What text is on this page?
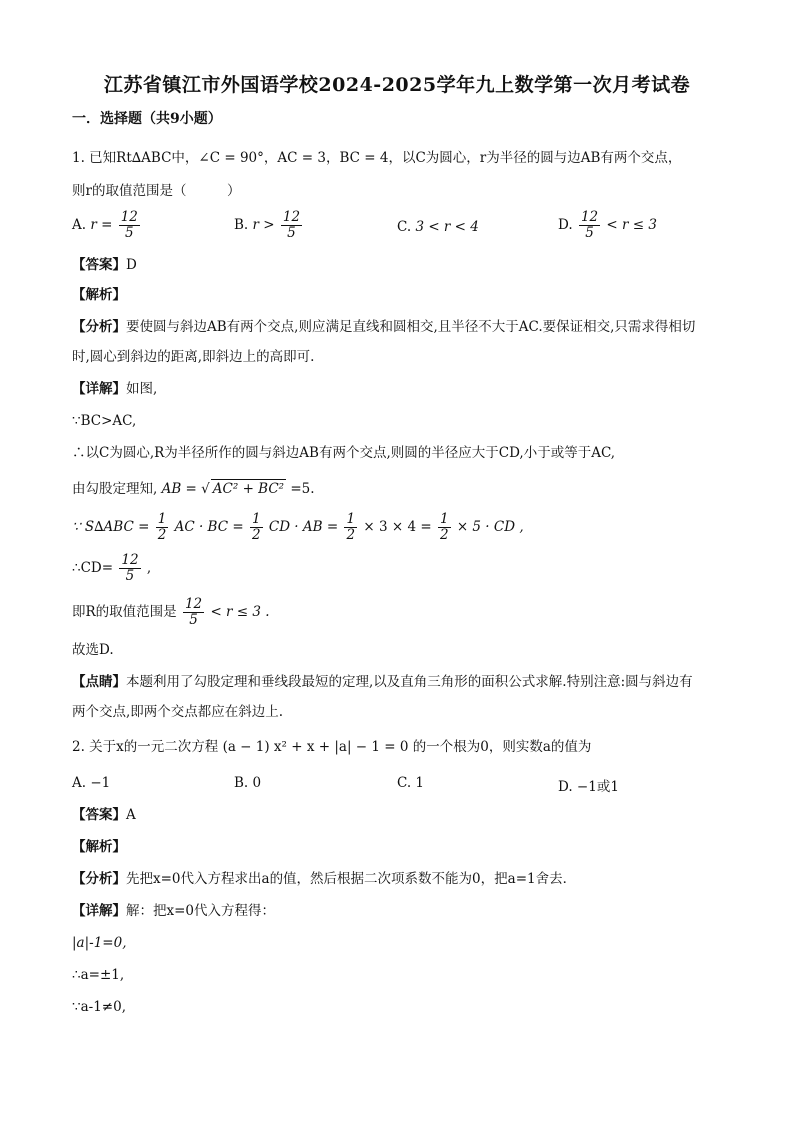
江苏省镇江市外国语学校2024-2025学年九上数学第一次月考试卷
一．选择题（共9小题）
1. 已知Rt∆ABC中，∠C = 90°，AC = 3，BC = 4，以C为圆心，r为半径的圆与边AB有两个交点，
则r的取值范围是（　　　）
A. $r = \frac{12}{5}$	B. $r > \frac{12}{5}$	C. 3 < r < 4	D. $\frac{12}{5} < r \le 3$
【答案】D
【解析】
【分析】要使圆与斜边AB有两个交点,则应满足直线和圆相交,且半径不大于AC.要保证相交,只需求得相切
时,圆心到斜边的距离,即斜边上的高即可.
【详解】如图,
∵BC>AC,
∴以C为圆心,R为半径所作的圆与斜边AB有两个交点,则圆的半径应大于CD,小于或等于AC,
由勾股定理知, AB = √ AC² + BC² =5.
∵ $S\Delta ABC = \frac{1}{2}$ AC · BC = $\frac{1}{2}$ CD · AB = $\frac{1}{2} \times 3 \times 4 = \frac{1}{2} \times 5$ · CD ,
∴CD= $\frac{12}{5}$ ,
即R的取值范围是 $\frac{12}{5} < r \le 3$ .
故选D.
【点睛】本题利用了勾股定理和垂线段最短的定理,以及直角三角形的面积公式求解.特别注意:圆与斜边有
两个交点,即两个交点都应在斜边上.
2. 关于x的一元二次方程 (a − 1) x² + x + |a| − 1 = 0 的一个根为0，则实数a的值为
A. −1	B. 0	C. 1	D. −1或1
【答案】A
【解析】
【分析】先把x=0代入方程求出a的值，然后根据二次项系数不能为0，把a=1舍去．
【详解】解：把x=0代入方程得：
|a|-1=0,
∴a=±1,
∵a-1≠0,
